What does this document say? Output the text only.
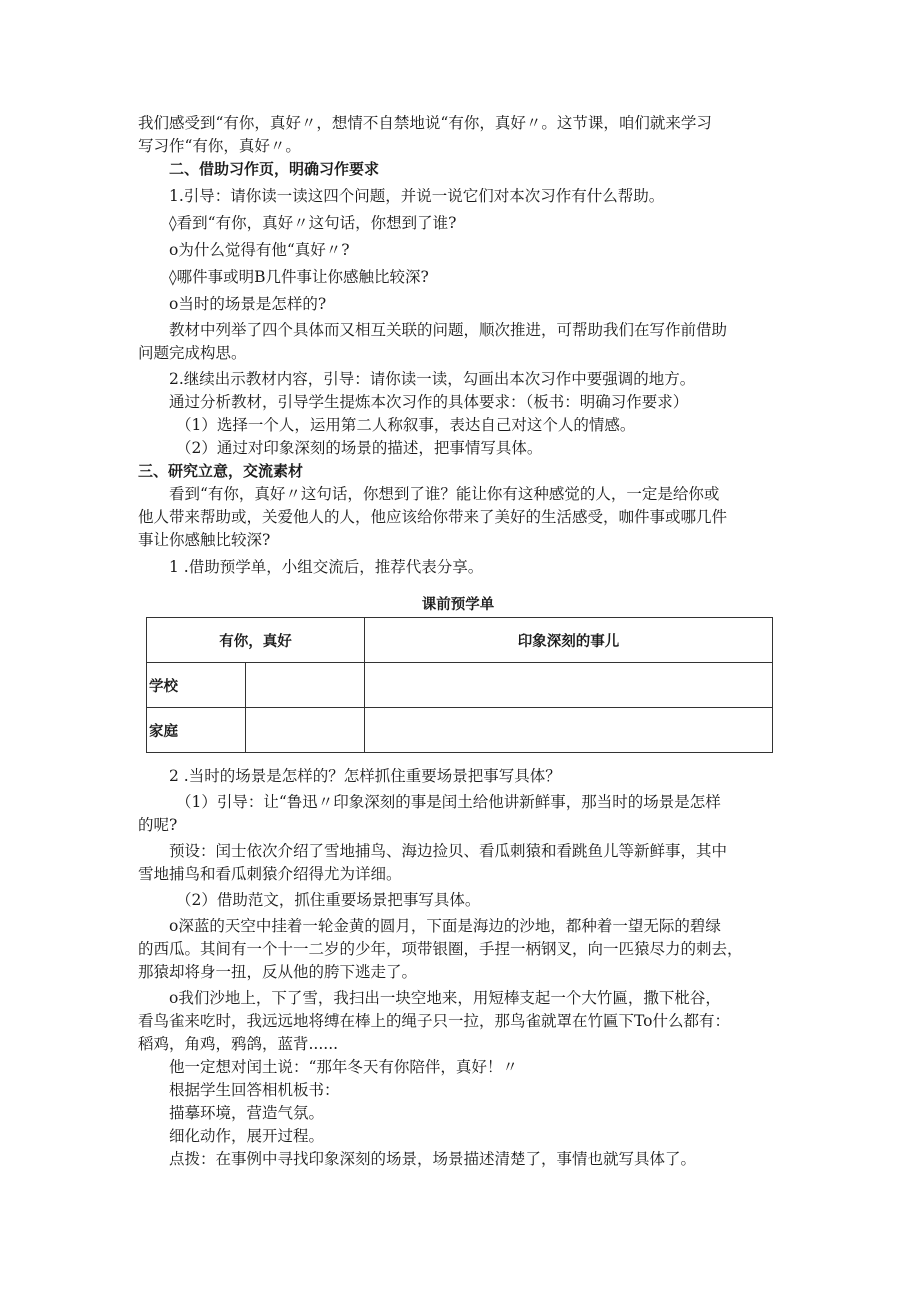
我们感受到“有你，真好〃，想情不自禁地说“有你，真好〃。这节课，咱们就来学习

写习作“有你，真好〃。

二、借助习作页，明确习作要求

1.引导：请你读一读这四个问题，并说一说它们对本次习作有什么帮助。

◊看到“有你，真好〃这句话，你想到了谁?

o为什么觉得有他“真好〃?

◊哪件事或明B几件事让你感触比较深?

o当时的场景是怎样的?

教材中列举了四个具体而又相互关联的问题，顺次推进，可帮助我们在写作前借助

问题完成构思。

2.继续出示教材内容，引导：请你读一读，勾画出本次习作中要强调的地方。

通过分析教材，引导学生提炼本次习作的具体要求：（板书：明确习作要求）

（1）选择一个人，运用第二人称叙事，表达自己对这个人的情感。

（2）通过对印象深刻的场景的描述，把事情写具体。

三、研究立意，交流素材

看到“有你，真好〃这句话，你想到了谁？能让你有这种感觉的人，一定是给你或

他人带来帮助或，关爱他人的人，他应该给你带来了美好的生活感受，咖件事或哪几件

事让你感触比较深?

1 .借助预学单，小组交流后，推荐代表分享。

课前预学单
有你，真好		印象深刻的事儿
学校		
家庭		

2 .当时的场景是怎样的？怎样抓住重要场景把事写具体？

（1）引导：让“鲁迅〃印象深刻的事是闰土给他讲新鲜事，那当时的场景是怎样

的呢?

预设：闰士依次介绍了雪地捕鸟、海边捡贝、看瓜刺猿和看跳鱼儿等新鲜事，其中

雪地捕鸟和看瓜刺猿介绍得尤为详细。

（2）借助范文，抓住重要场景把事写具体。

o深蓝的天空中挂着一轮金黄的圆月，下面是海边的沙地，都种着一望无际的碧绿

的西瓜。其间有一个十一二岁的少年，项带银圈，手捏一柄钢叉，向一匹猿尽力的刺去，

那猿却将身一扭，反从他的胯下逃走了。

o我们沙地上，下了雪，我扫出一块空地来，用短棒支起一个大竹匾，撒下枇谷，

看鸟雀来吃时，我远远地将缚在棒上的绳子只一拉，那鸟雀就罩在竹匾下To什么都有：

稻鸡，角鸡，鸦鸽，蓝背......

他一定想对闰土说：“那年冬天有你陪伴，真好！〃

根据学生回答相机板书：

描摹环境，营造气氛。

细化动作，展开过程。

点拨：在事例中寻找印象深刻的场景，场景描述清楚了，事情也就写具体了。
